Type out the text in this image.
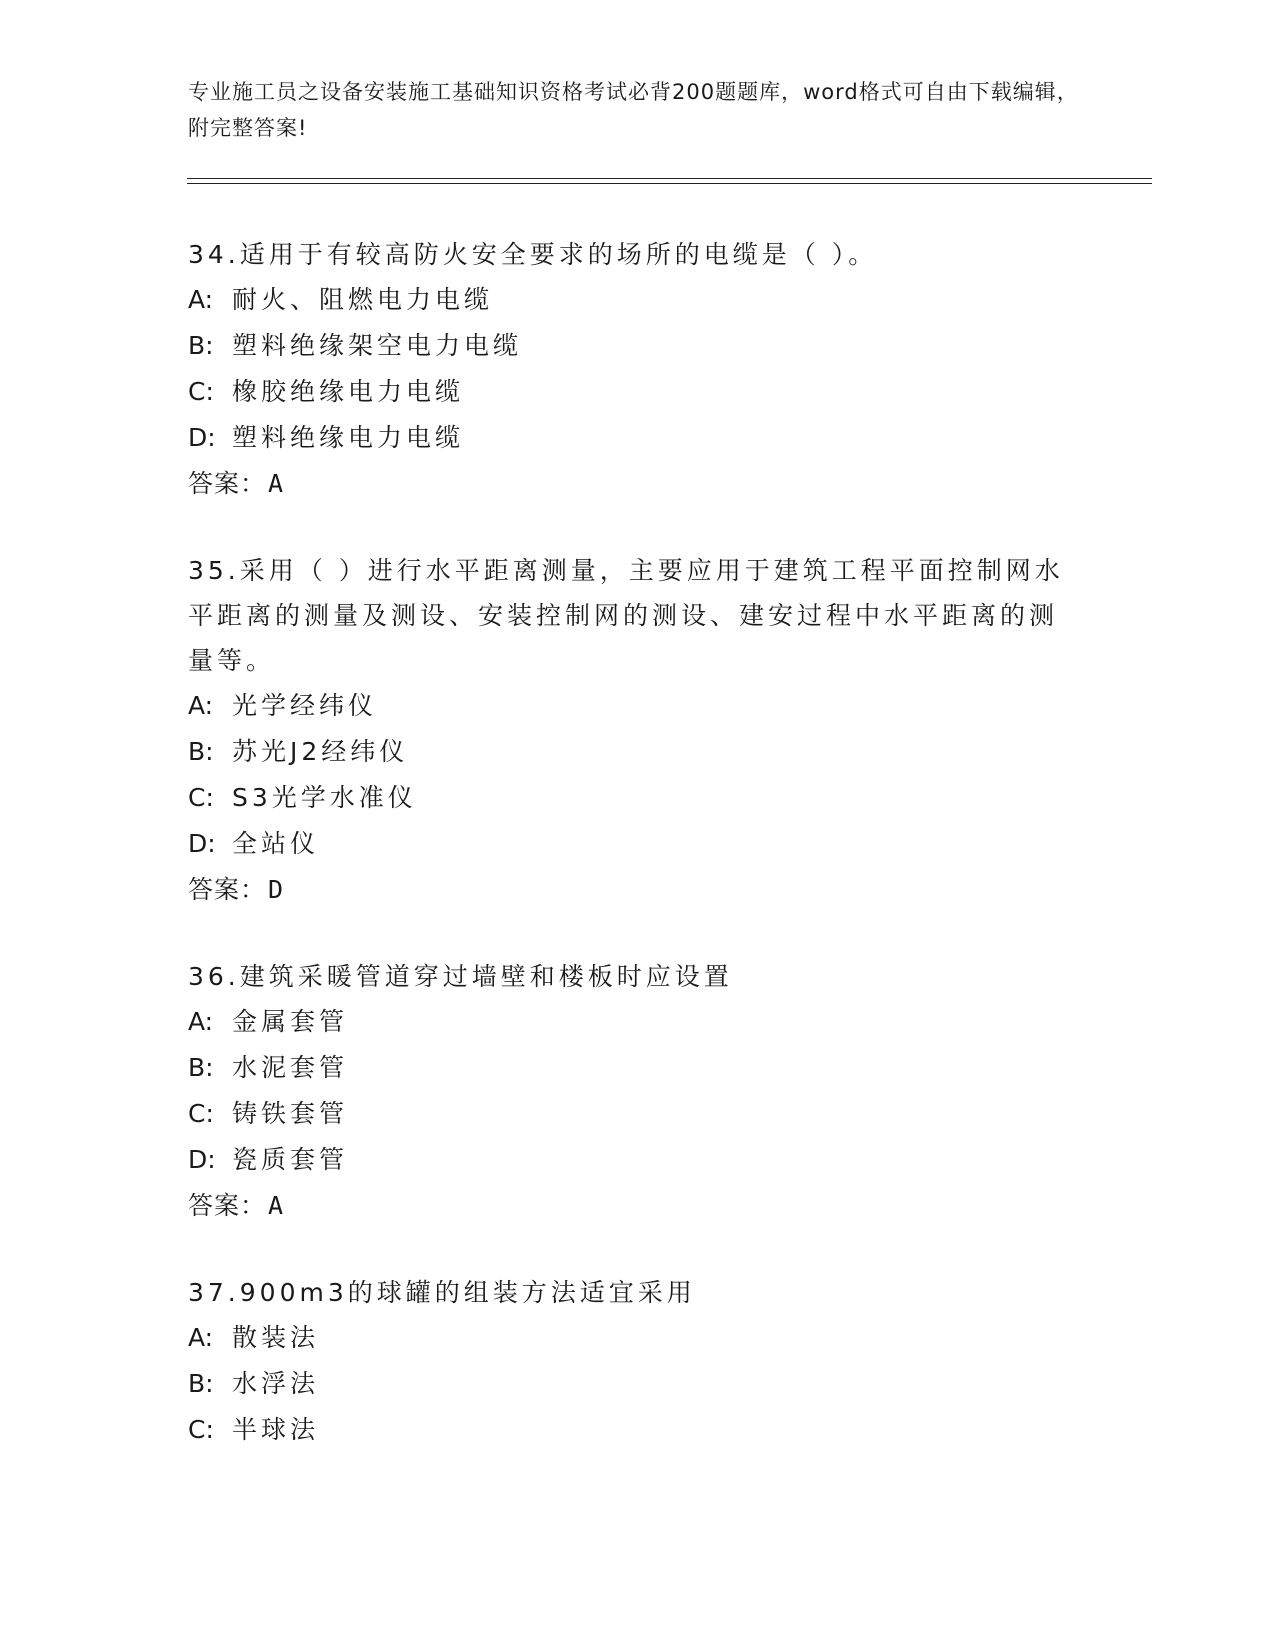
专业施工员之设备安装施工基础知识资格考试必背200题题库，word格式可自由下载编辑，附完整答案!

34.适用于有较高防火安全要求的场所的电缆是（ ）。

A: 耐火、阻燃电力电缆

B: 塑料绝缘架空电力电缆

C: 橡胶绝缘电力电缆

D: 塑料绝缘电力电缆

答案：A

35.采用（ ）进行水平距离测量，主要应用于建筑工程平面控制网水平距离的测量及测设、安装控制网的测设、建安过程中水平距离的测量等。

A: 光学经纬仪

B: 苏光J2经纬仪

C: S3光学水准仪

D: 全站仪

答案：D

36.建筑采暖管道穿过墙壁和楼板时应设置

A: 金属套管

B: 水泥套管

C: 铸铁套管

D: 瓷质套管

答案：A

37.900m3的球罐的组装方法适宜采用

A: 散装法

B: 水浮法

C: 半球法
